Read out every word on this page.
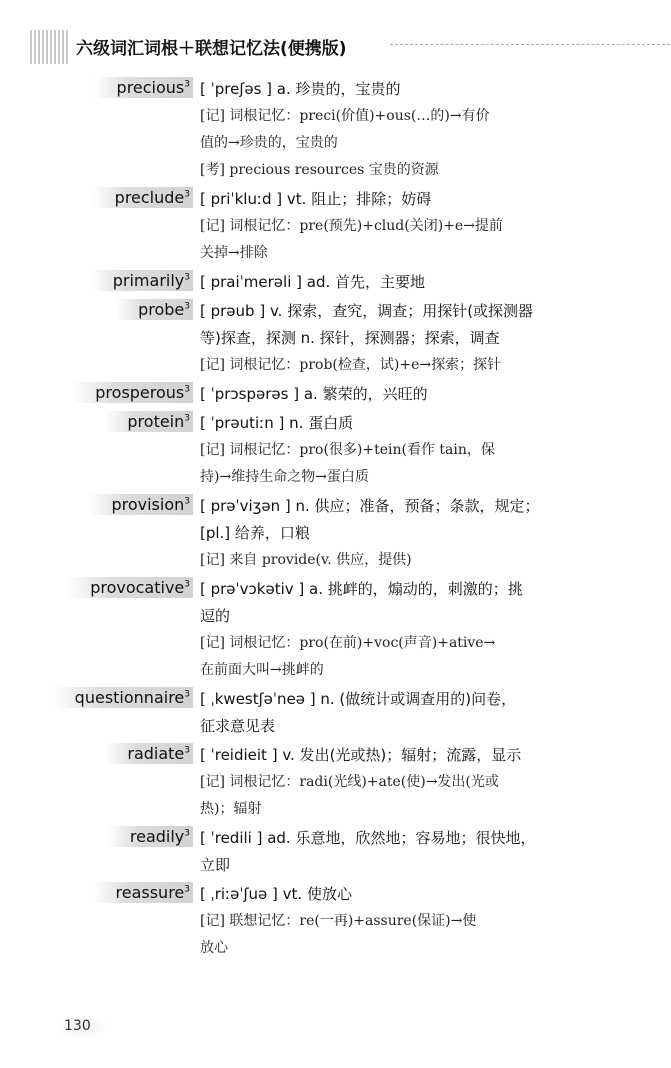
六级词汇词根＋联想记忆法(便携版)
precious$^3$ [ ˈpreʃəs ] a. 珍贵的，宝贵的

[记] 词根记忆：preci(价值)+ous(…的)→有价

值的→珍贵的，宝贵的

[考] precious resources 宝贵的资源

preclude$^3$ [ priˈkluːd ] vt. 阻止；排除；妨碍

[记] 词根记忆：pre(预先)+clud(关闭)+e→提前

关掉→排除

primarily$^3$ [ praiˈmerəli ] ad. 首先，主要地

probe$^3$ [ prəub ] v. 探索，查究，调查；用探针(或探测器

等)探查，探测 n. 探针，探测器；探索，调查

[记] 词根记忆：prob(检查，试)+e→探索；探针

prosperous$^3$ [ ˈprɔspərəs ] a. 繁荣的，兴旺的

protein$^3$ [ ˈprəutiːn ] n. 蛋白质

[记] 词根记忆：pro(很多)+tein(看作 tain，保

持)→维持生命之物→蛋白质

provision$^3$ [ prəˈviʒən ] n. 供应；准备，预备；条款，规定；

[pl.] 给养，口粮

[记] 来自 provide(v. 供应，提供)

provocative$^3$ [ prəˈvɔkətiv ] a. 挑衅的，煽动的，刺激的；挑

逗的

[记] 词根记忆：pro(在前)+voc(声音)+ative→

在前面大叫→挑衅的

questionnaire$^3$ [ ˌkwestʃəˈneə ] n. (做统计或调查用的)问卷，

征求意见表

radiate$^3$ [ ˈreidieit ] v. 发出(光或热)；辐射；流露，显示

[记] 词根记忆：radi(光线)+ate(使)→发出(光或

热)；辐射

readily$^3$ [ ˈredili ] ad. 乐意地，欣然地；容易地；很快地，

立即

reassure$^3$ [ ˌriːəˈʃuə ] vt. 使放心

[记] 联想记忆：re(一再)+assure(保证)→使

放心

130
